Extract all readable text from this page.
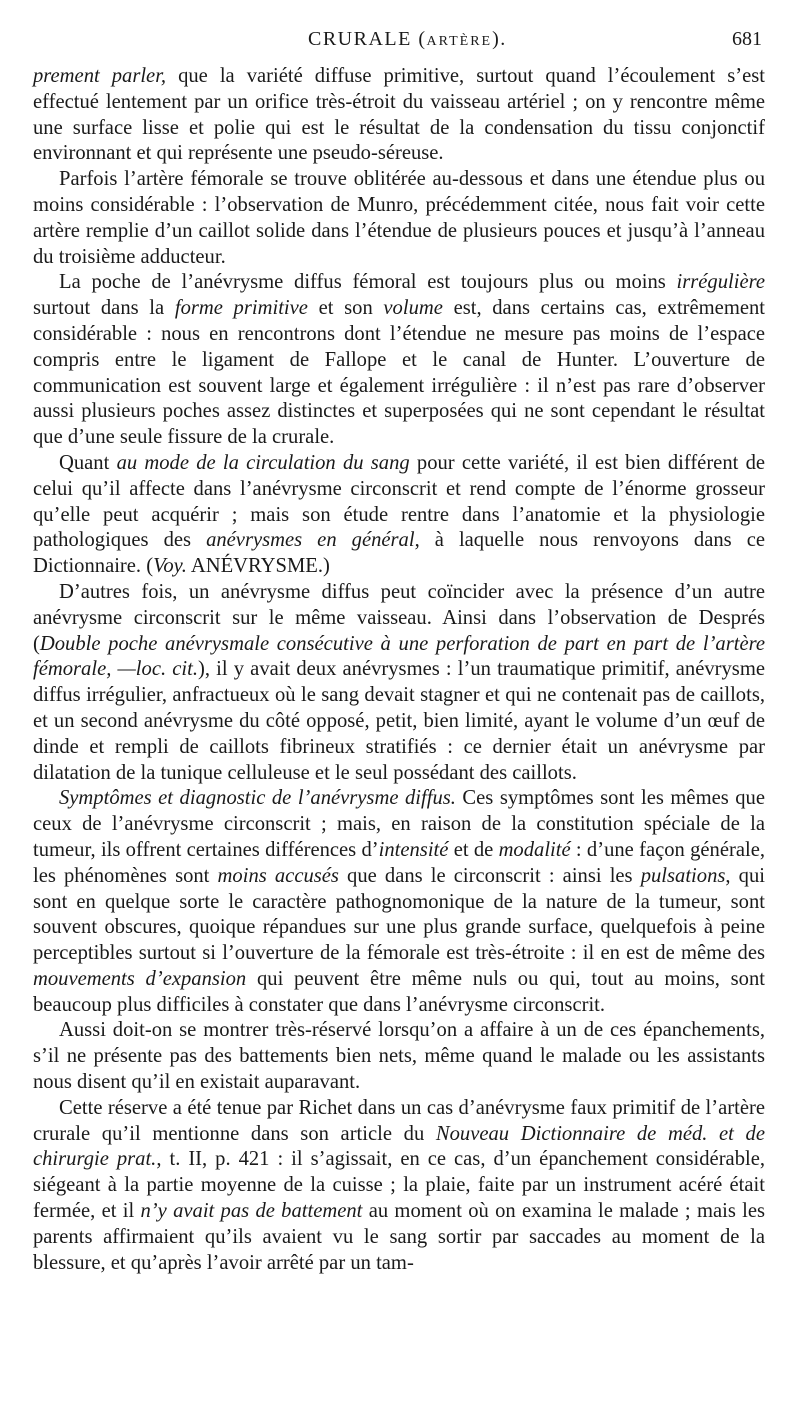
CRURALE (ARTÈRE).	681

prement parler, que la variété diffuse primitive, surtout quand l’écoulement s’est effectué lentement par un orifice très-étroit du vaisseau artériel ; on y rencontre même une surface lisse et polie qui est le résultat de la condensation du tissu conjonctif environnant et qui représente une pseudo-séreuse.

Parfois l’artère fémorale se trouve oblitérée au-dessous et dans une étendue plus ou moins considérable : l’observation de Munro, précédemment citée, nous fait voir cette artère remplie d’un caillot solide dans l’étendue de plusieurs pouces et jusqu’à l’anneau du troisième adducteur.

La poche de l’anévrysme diffus fémoral est toujours plus ou moins irrégulière surtout dans la forme primitive et son volume est, dans certains cas, extrêmement considérable : nous en rencontrons dont l’étendue ne mesure pas moins de l’espace compris entre le ligament de Fallope et le canal de Hunter. L’ouverture de communication est souvent large et également irrégulière : il n’est pas rare d’observer aussi plusieurs poches assez distinctes et superposées qui ne sont cependant le résultat que d’une seule fissure de la crurale.

Quant au mode de la circulation du sang pour cette variété, il est bien différent de celui qu’il affecte dans l’anévrysme circonscrit et rend compte de l’énorme grosseur qu’elle peut acquérir ; mais son étude rentre dans l’anatomie et la physiologie pathologiques des anévrysmes en général, à laquelle nous renvoyons dans ce Dictionnaire. (Voy. ANÉVRYSME.)

D’autres fois, un anévrysme diffus peut coïncider avec la présence d’un autre anévrysme circonscrit sur le même vaisseau. Ainsi dans l’observation de Després (Double poche anévrysmale consécutive à une perforation de part en part de l’artère fémorale, —loc. cit.), il y avait deux anévrysmes : l’un traumatique primitif, anévrysme diffus irrégulier, anfractueux où le sang devait stagner et qui ne contenait pas de caillots, et un second anévrysme du côté opposé, petit, bien limité, ayant le volume d’un œuf de dinde et rempli de caillots fibrineux stratifiés : ce dernier était un anévrysme par dilatation de la tunique celluleuse et le seul possédant des caillots.

Symptômes et diagnostic de l’anévrysme diffus. Ces symptômes sont les mêmes que ceux de l’anévrysme circonscrit ; mais, en raison de la constitution spéciale de la tumeur, ils offrent certaines différences d’intensité et de modalité : d’une façon générale, les phénomènes sont moins accusés que dans le circonscrit : ainsi les pulsations, qui sont en quelque sorte le caractère pathognomonique de la nature de la tumeur, sont souvent obscures, quoique répandues sur une plus grande surface, quelquefois à peine perceptibles surtout si l’ouverture de la fémorale est très-étroite : il en est de même des mouvements d’expansion qui peuvent être même nuls ou qui, tout au moins, sont beaucoup plus difficiles à constater que dans l’anévrysme circonscrit.

Aussi doit-on se montrer très-réservé lorsqu’on a affaire à un de ces épanchements, s’il ne présente pas des battements bien nets, même quand le malade ou les assistants nous disent qu’il en existait auparavant.

Cette réserve a été tenue par Richet dans un cas d’anévrysme faux primitif de l’artère crurale qu’il mentionne dans son article du Nouveau Dictionnaire de méd. et de chirurgie prat., t. II, p. 421 : il s’agissait, en ce cas, d’un épanchement considérable, siégeant à la partie moyenne de la cuisse ; la plaie, faite par un instrument acéré était fermée, et il n’y avait pas de battement au moment où on examina le malade ; mais les parents affirmaient qu’ils avaient vu le sang sortir par saccades au moment de la blessure, et qu’après l’avoir arrêté par un tam-
